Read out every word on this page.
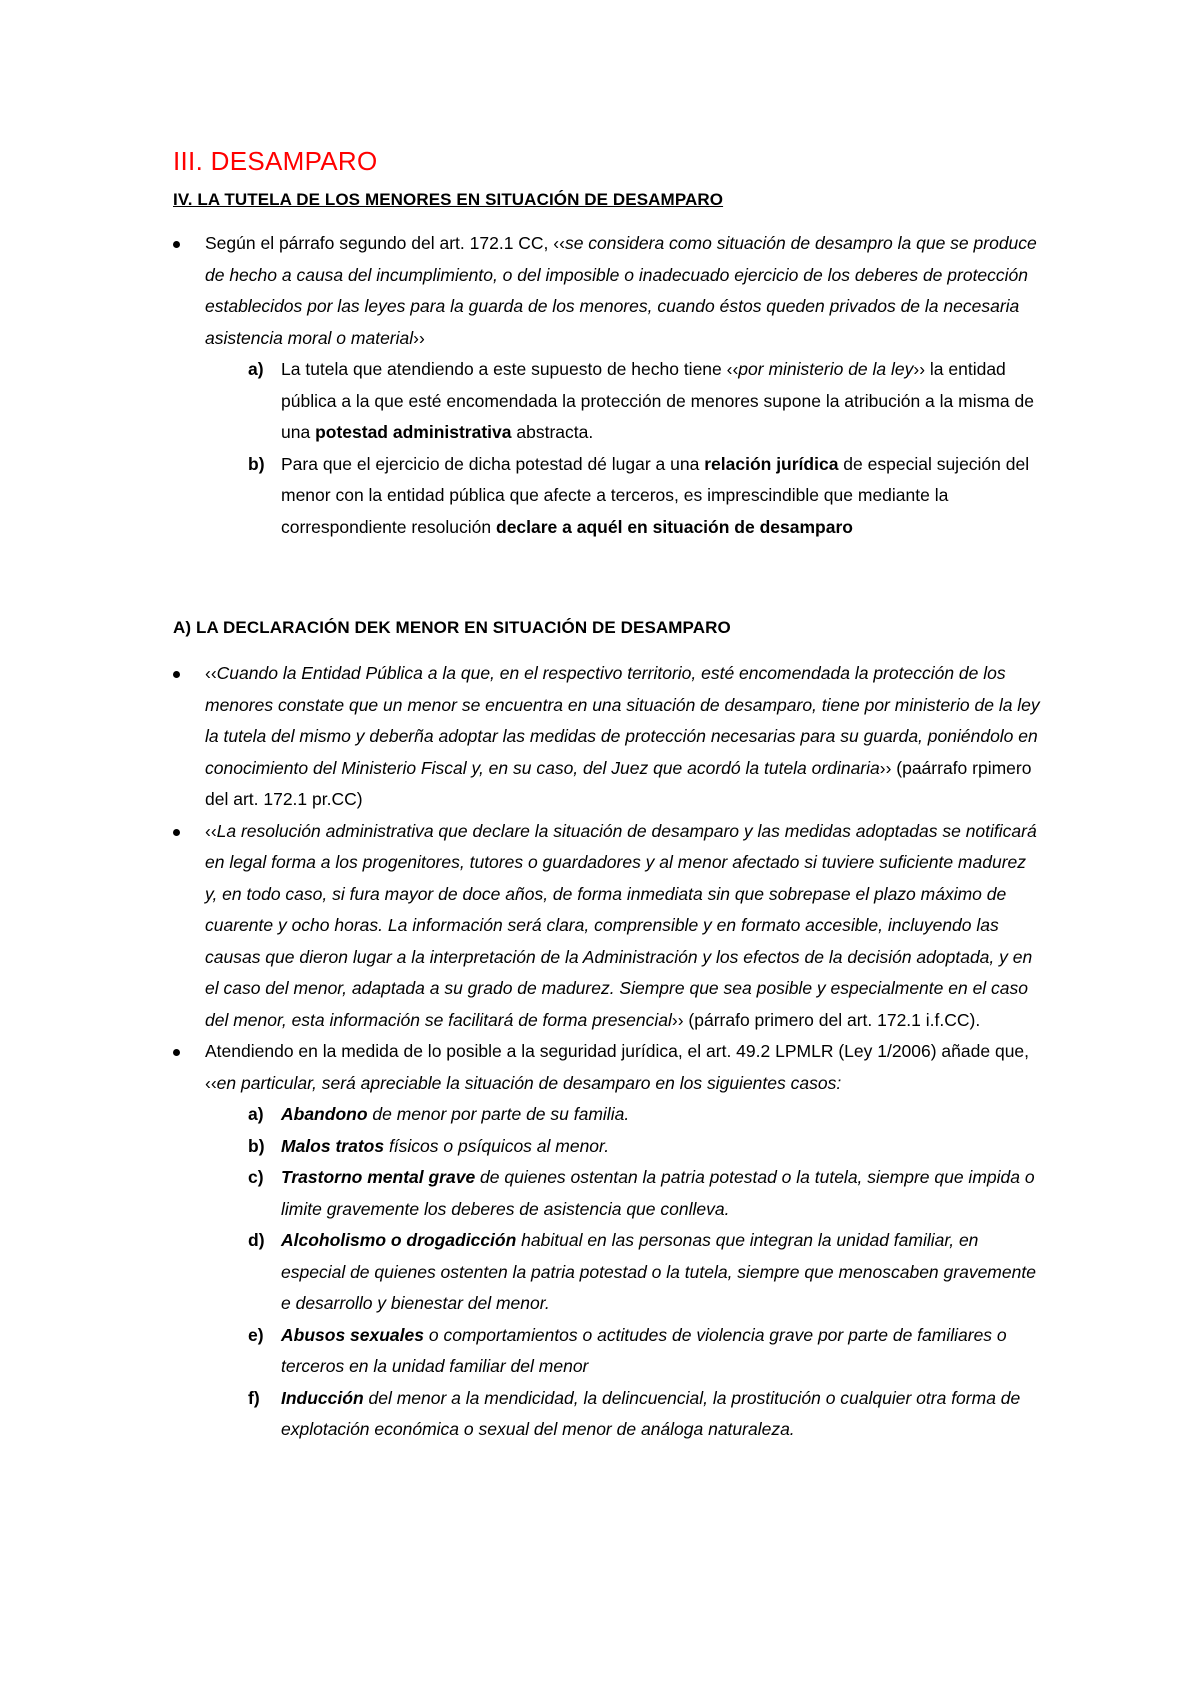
III. DESAMPARO
IV. LA TUTELA DE LOS MENORES EN SITUACIÓN DE DESAMPARO
Según el párrafo segundo del art. 172.1 CC, ‹‹se considera como situación de desampro la que se produce de hecho a causa del incumplimiento, o del imposible o inadecuado ejercicio de los deberes de protección establecidos por las leyes para la guarda de los menores, cuando éstos queden privados de la necesaria asistencia moral o material››
a) La tutela que atendiendo a este supuesto de hecho tiene ‹‹por ministerio de la ley›› la entidad pública a la que esté encomendada la protección de menores supone la atribución a la misma de una potestad administrativa abstracta.
b) Para que el ejercicio de dicha potestad dé lugar a una relación jurídica de especial sujeción del menor con la entidad pública que afecte a terceros, es imprescindible que mediante la correspondiente resolución declare a aquél en situación de desamparo
A) LA DECLARACIÓN DEK MENOR EN SITUACIÓN DE DESAMPARO
‹‹Cuando la Entidad Pública a la que, en el respectivo territorio, esté encomendada la protección de los menores constate que un menor se encuentra en una situación de desamparo, tiene por ministerio de la ley la tutela del mismo y deberña adoptar las medidas de protección necesarias para su guarda, poniéndolo en conocimiento del Ministerio Fiscal y, en su caso, del Juez que acordó la tutela ordinaria›› (paárrafo rpimero del art. 172.1 pr.CC)
‹‹La resolución administrativa que declare la situación de desamparo y las medidas adoptadas se notificará en legal forma a los progenitores, tutores o guardadores y al menor afectado si tuviere suficiente madurez y, en todo caso, si fura mayor de doce años, de forma inmediata sin que sobrepase el plazo máximo de cuarente y ocho horas. La información será clara, comprensible y en formato accesible, incluyendo las causas que dieron lugar a la interpretación de la Administración y los efectos de la decisión adoptada, y en el caso del menor, adaptada a su grado de madurez. Siempre que sea posible y especialmente en el caso del menor, esta información se facilitará de forma presencial›› (párrafo primero del art. 172.1 i.f.CC).
Atendiendo en la medida de lo posible a la seguridad jurídica, el art. 49.2 LPMLR (Ley 1/2006) añade que, ‹‹en particular, será apreciable la situación de desamparo en los siguientes casos:
a) Abandono de menor por parte de su familia.
b) Malos tratos físicos o psíquicos al menor.
c) Trastorno mental grave de quienes ostentan la patria potestad o la tutela, siempre que impida o limite gravemente los deberes de asistencia que conlleva.
d) Alcoholismo o drogadicción habitual en las personas que integran la unidad familiar, en especial de quienes ostenten la patria potestad o la tutela, siempre que menoscaben gravemente e desarrollo y bienestar del menor.
e) Abusos sexuales o comportamientos o actitudes de violencia grave por parte de familiares o terceros en la unidad familiar del menor
f)	Inducción del menor a la mendicidad, la delincuencial, la prostitución o cualquier otra forma de explotación económica o sexual del menor de análoga naturaleza.
